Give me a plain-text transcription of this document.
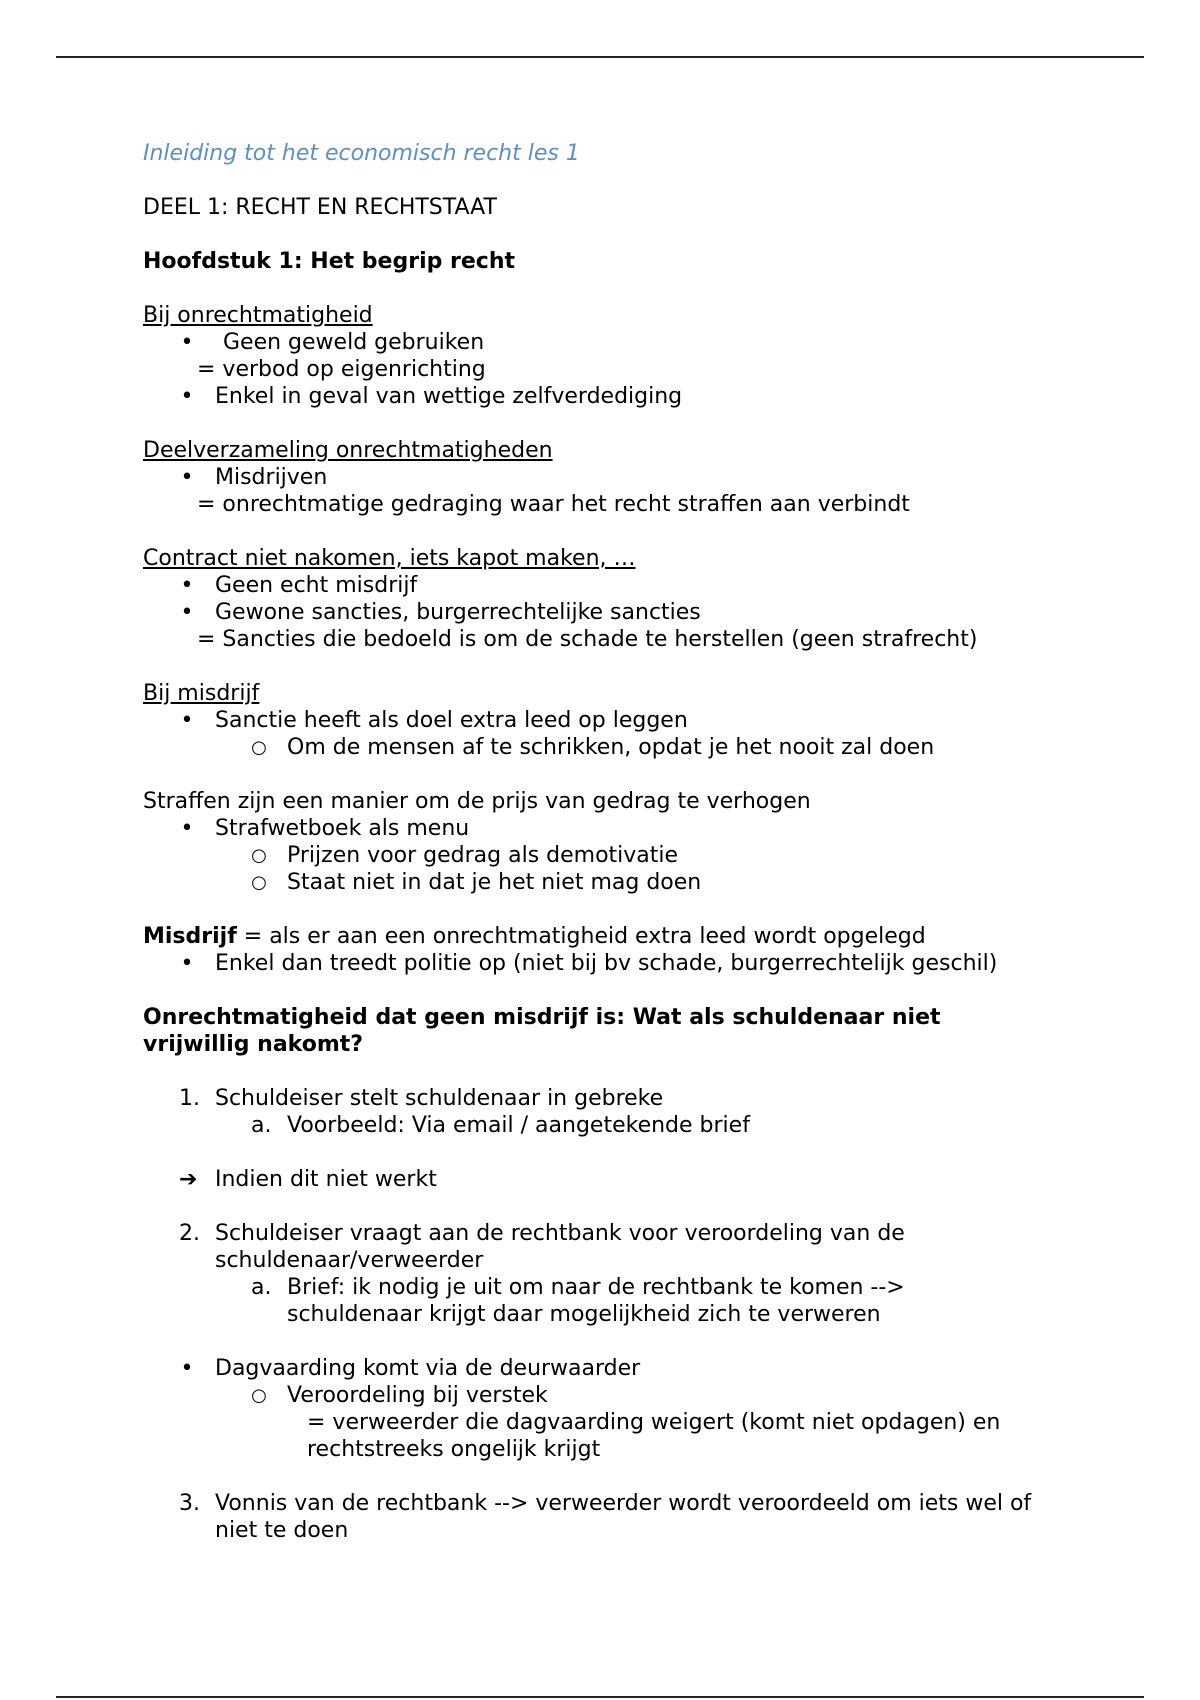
Inleiding tot het economisch recht les 1
DEEL 1: RECHT EN RECHTSTAAT
Hoofdstuk 1: Het begrip recht
Bij onrechtmatigheid
• Geen geweld gebruiken
= verbod op eigenrichting
• Enkel in geval van wettige zelfverdediging
Deelverzameling onrechtmatigheden
• Misdrijven
= onrechtmatige gedraging waar het recht straffen aan verbindt
Contract niet nakomen, iets kapot maken, …
• Geen echt misdrijf
• Gewone sancties, burgerrechtelijke sancties
= Sancties die bedoeld is om de schade te herstellen (geen strafrecht)
Bij misdrijf
• Sanctie heeft als doel extra leed op leggen
○ Om de mensen af te schrikken, opdat je het nooit zal doen
Straffen zijn een manier om de prijs van gedrag te verhogen
• Strafwetboek als menu
○ Prijzen voor gedrag als demotivatie
○ Staat niet in dat je het niet mag doen
Misdrijf = als er aan een onrechtmatigheid extra leed wordt opgelegd
• Enkel dan treedt politie op (niet bij bv schade, burgerrechtelijk geschil)
Onrechtmatigheid dat geen misdrijf is: Wat als schuldenaar niet
vrijwillig nakomt?
1. Schuldeiser stelt schuldenaar in gebreke
a. Voorbeeld: Via email / aangetekende brief
➔ Indien dit niet werkt
2. Schuldeiser vraagt aan de rechtbank voor veroordeling van de
schuldenaar/verweerder
a. Brief: ik nodig je uit om naar de rechtbank te komen -->
schuldenaar krijgt daar mogelijkheid zich te verweren
• Dagvaarding komt via de deurwaarder
○ Veroordeling bij verstek
= verweerder die dagvaarding weigert (komt niet opdagen) en
rechtstreeks ongelijk krijgt
3. Vonnis van de rechtbank --> verweerder wordt veroordeeld om iets wel of
niet te doen
